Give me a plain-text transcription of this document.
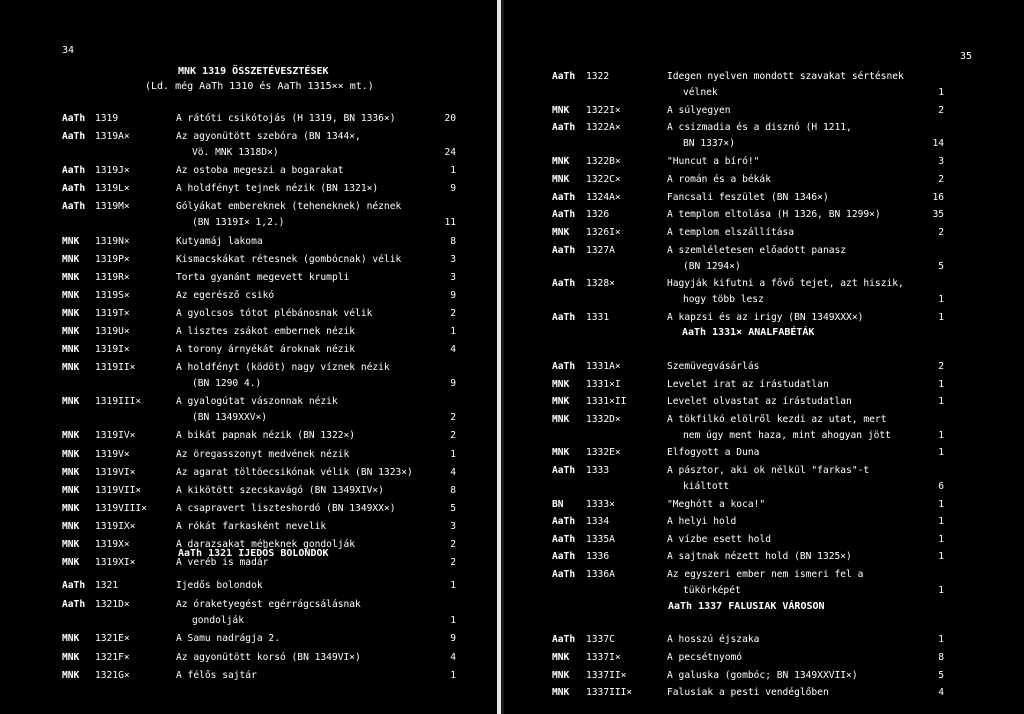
34
MNK 1319 ÖSSZETÉVESZTÉSEK
(Ld. még AaTh 1310 és AaTh 1315×× mt.)
AaTh 1319	A rátóti csikótojás (H 1319, BN 1336×)	20
AaTh 1319A×	Az agyonütött szebóra (BN 1344×,
Vö. MNK 1318D×)	24
AaTh 1319J×	Az ostoba megeszi a bogarakat	1
AaTh 1319L×	A holdfényt tejnek nézik (BN 1321×)	9
AaTh 1319M×	Gólyákat embereknek (teheneknek) néznek
(BN 1319I× 1,2.)	11
MNK 1319N×	Kutyamáj lakoma	8
MNK 1319P×	Kismacskákat rétesnek (gombócnak) vélik	3
MNK 1319R×	Torta gyanánt megevett krumpli	3
MNK 1319S×	Az egerésző csikó	9
MNK 1319T×	A gyolcsos tótot plébánosnak vélik	2
MNK 1319U×	A lisztes zsákot embernek nézik	1
MNK 1319I×	A torony árnyékát ároknak nézik	4
MNK 1319II×	A holdfényt (ködöt) nagy víznek nézik
(BN 1290 4.)	9
MNK 1319III×	A gyalogútat vászonnak nézik
(BN 1349XXV×)	2
MNK 1319IV×	A bikát papnak nézik (BN 1322×)	2
MNK 1319V×	Az öregasszonyt medvének nézik	1
MNK 1319VI×	Az agarat töltöecsikónak vélik (BN 1323×)	4
MNK 1319VII×	A kikötött szecskavágó (BN 1349XIV×)	8
MNK 1319VIII×	A csapravert liszteshordó (BN 1349XX×)	5
MNK 1319IX×	A rókát farkasként nevelik	3
MNK 1319X×	A darazsakat méheknek gondolják	2
MNK 1319XI×	A veréb is madár	2
AaTh 1321 IJEDŐS BOLONDOK
AaTh 1321	Ijedős bolondok	1
AaTh 1321D×	Az óraketyegést egérrágcsálásnak
gondolják	1
MNK 1321E×	A Samu nadrágja 2.	9
MNK 1321F×	Az agyonütött korsó (BN 1349VI×)	4
MNK 1321G×	A félős sajtár	1
35
AaTh 1322	Idegen nyelven mondott szavakat sértésnek
vélnek	1
MNK 1322I×	A súlyegyen	2
AaTh 1322A×	A csizmadia és a disznó (H 1211,
BN 1337×)	14
MNK 1322B×	"Huncut a bíró!"	3
MNK 1322C×	A román és a békák	2
AaTh 1324A×	Fancsali feszület (BN 1346×)	16
AaTh 1326	A templom eltolása (H 1326, BN 1299×)	35
MNK 1326I×	A templom elszállítása	2
AaTh 1327A	A szemléletesen előadott panasz
(BN 1294×)	5
AaTh 1328×	Hagyják kifutni a fővő tejet, azt hiszik,
hogy több lesz	1
AaTh 1331	A kapzsi és az irigy (BN 1349XXX×)	1
AaTh 1331× ANALFABÉTÁK
AaTh 1331A×	Szemüvegvásárlás	2
MNK 1331×I	Levelet irat az írástudatlan	1
MNK 1331×II	Levelet olvastat az írástudatlan	1
MNK 1332D×	A tökfilkó elölről kezdi az utat, mert
nem úgy ment haza, mint ahogyan jött	1
MNK 1332E×	Elfogyott a Duna	1
AaTh 1333	A pásztor, aki ok nélkül "farkas"-t
kiáltott	6
BN 1333×	"Meghótt a koca!"	1
AaTh 1334	A helyi hold	1
AaTh 1335A	A vízbe esett hold	1
AaTh 1336	A sajtnak nézett hold (BN 1325×)	1
AaTh 1336A	Az egyszeri ember nem ismeri fel a
tükörképét	1
AaTh 1337 FALUSIAK VÁROSON
AaTh 1337C	A hosszú éjszaka	1
MNK 1337I×	A pecsétnyomó	8
MNK 1337II×	A galuska (gombóc; BN 1349XXVII×)	5
MNK 1337III×	Falusiak a pesti vendéglőben	4
